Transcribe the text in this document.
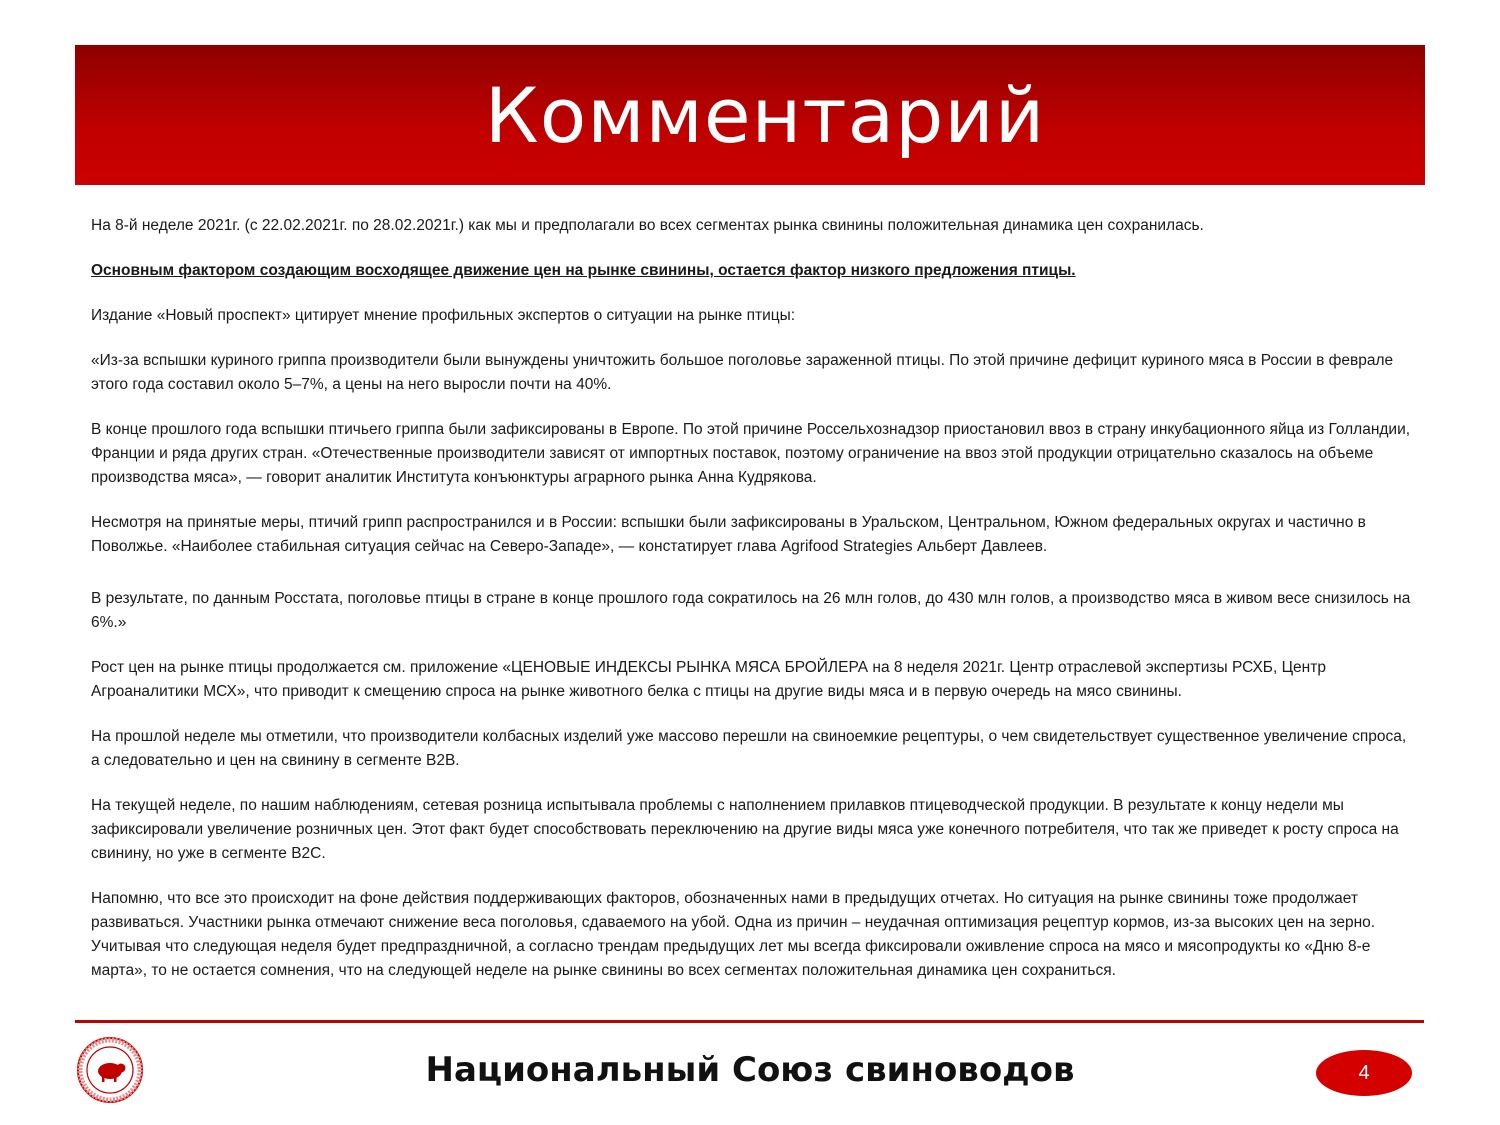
Комментарий

На 8-й неделе 2021г. (с 22.02.2021г. по 28.02.2021г.) как мы и предполагали во всех сегментах рынка свинины положительная динамика цен сохранилась.

Основным фактором создающим восходящее движение цен на рынке свинины, остается фактор низкого предложения птицы.

Издание «Новый проспект» цитирует мнение профильных экспертов о ситуации на рынке птицы:

«Из-за вспышки куриного гриппа производители были вынуждены уничтожить большое поголовье зараженной птицы. По этой причине дефицит куриного мяса в России в феврале этого года составил около 5–7%, а цены на него выросли почти на 40%.

В конце прошлого года вспышки птичьего гриппа были зафиксированы в Европе. По этой причине Россельхознадзор приостановил ввоз в страну инкубационного яйца из Голландии, Франции и ряда других стран. «Отечественные производители зависят от импортных поставок, поэтому ограничение на ввоз этой продукции отрицательно сказалось на объеме производства мяса», — говорит аналитик Института конъюнктуры аграрного рынка Анна Кудрякова.

Несмотря на принятые меры, птичий грипп распространился и в России: вспышки были зафиксированы в Уральском, Центральном, Южном федеральных округах и частично в Поволжье. «Наиболее стабильная ситуация сейчас на Северо-Западе», — констатирует глава Agrifood Strategies Альберт Давлеев.

В результате, по данным Росстата, поголовье птицы в стране в конце прошлого года сократилось на 26 млн голов, до 430 млн голов, а производство мяса в живом весе снизилось на 6%.»

Рост цен на рынке птицы продолжается см. приложение «ЦЕНОВЫЕ ИНДЕКСЫ РЫНКА МЯСА БРОЙЛЕРА на 8 неделя 2021г. Центр отраслевой экспертизы РСХБ, Центр Агроаналитики МСХ», что приводит к смещению спроса на рынке животного белка с птицы на другие виды мяса и в первую очередь на мясо свинины.

На прошлой неделе мы отметили, что производители колбасных изделий уже массово перешли на свиноемкие рецептуры, о чем свидетельствует существенное увеличение спроса, а следовательно и цен на свинину в сегменте B2B.

На текущей неделе, по нашим наблюдениям, сетевая розница испытывала проблемы с наполнением прилавков птицеводческой продукции. В результате к концу недели мы зафиксировали увеличение розничных цен. Этот факт будет способствовать переключению на другие виды мяса уже конечного потребителя, что так же приведет к росту спроса на свинину, но уже в сегменте B2C.

Напомню, что все это происходит на фоне действия поддерживающих факторов, обозначенных нами в предыдущих отчетах. Но ситуация на рынке свинины тоже продолжает развиваться. Участники рынка отмечают снижение веса поголовья, сдаваемого на убой. Одна из причин – неудачная оптимизация рецептур кормов, из-за высоких цен на зерно. Учитывая что следующая неделя будет предпраздничной, а согласно трендам предыдущих лет мы всегда фиксировали оживление спроса на мясо и мясопродукты ко «Дню 8-е марта», то не остается сомнения, что на следующей неделе на рынке свинины во всех сегментах положительная динамика цен сохраниться.

Национальный Союз свиноводов	4
